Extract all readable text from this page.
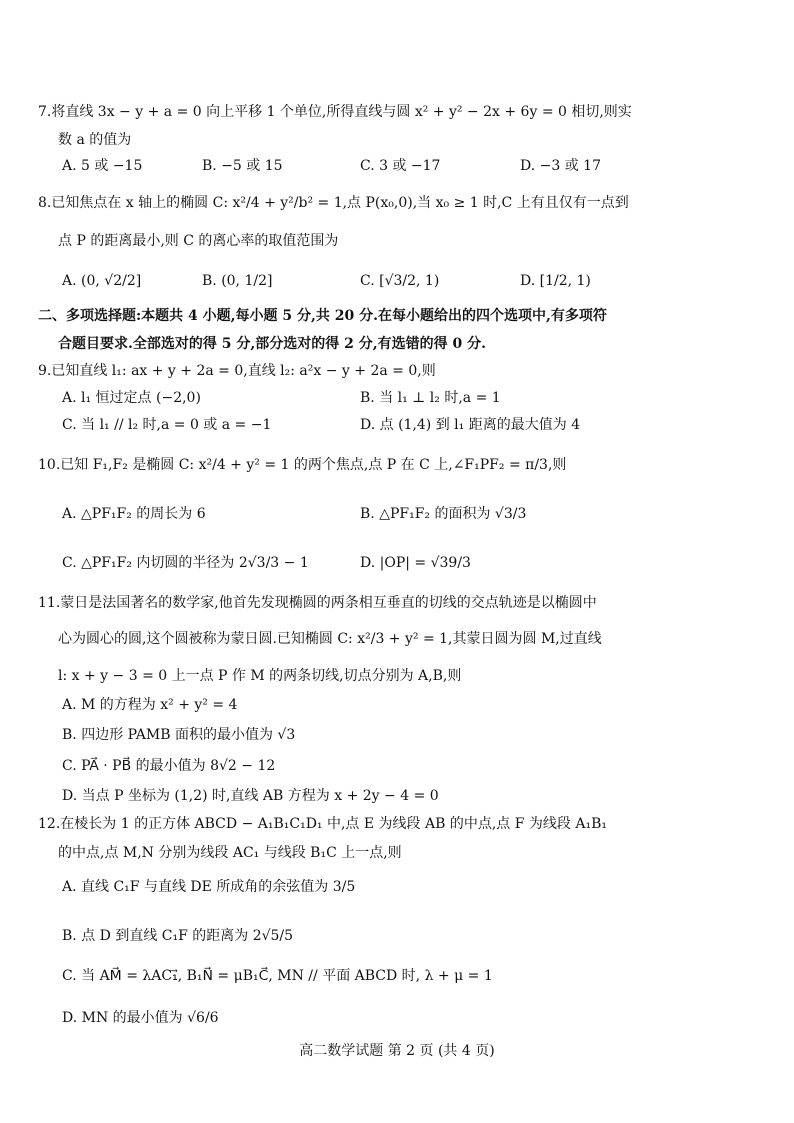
7.将直线 3x − y + a = 0 向上平移 1 个单位,所得直线与圆 x² + y² − 2x + 6y = 0 相切,则实
数 a 的值为
A. 5 或 −15	B. −5 或 15	C. 3 或 −17	D. −3 或 17
8.已知焦点在 x 轴上的椭圆 C: x²/4 + y²/b² = 1,点 P(x₀,0),当 x₀ ≥ 1 时,C 上有且仅有一点到
点 P 的距离最小,则 C 的离心率的取值范围为
A. (0, √2/2]	B. (0, 1/2]	C. [√3/2, 1)	D. [1/2, 1)
二、多项选择题:本题共 4 小题,每小题 5 分,共 20 分.在每小题给出的四个选项中,有多项符
合题目要求.全部选对的得 5 分,部分选对的得 2 分,有选错的得 0 分.
9.已知直线 l₁: ax + y + 2a = 0,直线 l₂: a²x − y + 2a = 0,则
A. l₁ 恒过定点 (−2,0)	B. 当 l₁ ⊥ l₂ 时,a = 1
C. 当 l₁ // l₂ 时,a = 0 或 a = −1	D. 点 (1,4) 到 l₁ 距离的最大值为 4
10.已知 F₁,F₂ 是椭圆 C: x²/4 + y² = 1 的两个焦点,点 P 在 C 上,∠F₁PF₂ = π/3,则
A. △PF₁F₂ 的周长为 6	B. △PF₁F₂ 的面积为 √3/3
C. △PF₁F₂ 内切圆的半径为 2√3/3 − 1	D. |OP| = √39/3
11.蒙日是法国著名的数学家,他首先发现椭圆的两条相互垂直的切线的交点轨迹是以椭圆中
心为圆心的圆,这个圆被称为蒙日圆.已知椭圆 C: x²/3 + y² = 1,其蒙日圆为圆 M,过直线
l: x + y − 3 = 0 上一点 P 作 M 的两条切线,切点分别为 A,B,则
A. M 的方程为 x² + y² = 4
B. 四边形 PAMB 面积的最小值为 √3
C. PA⃗ · PB⃗ 的最小值为 8√2 − 12
D. 当点 P 坐标为 (1,2) 时,直线 AB 方程为 x + 2y − 4 = 0
12.在棱长为 1 的正方体 ABCD − A₁B₁C₁D₁ 中,点 E 为线段 AB 的中点,点 F 为线段 A₁B₁
的中点,点 M,N 分别为线段 AC₁ 与线段 B₁C 上一点,则
A. 直线 C₁F 与直线 DE 所成角的余弦值为 3/5
B. 点 D 到直线 C₁F 的距离为 2√5/5
C. 当 AM⃗ = λAC₁⃗, B₁N⃗ = μB₁C⃗, MN // 平面 ABCD 时, λ + μ = 1
D. MN 的最小值为 √6/6
高二数学试题 第 2 页 (共 4 页)
